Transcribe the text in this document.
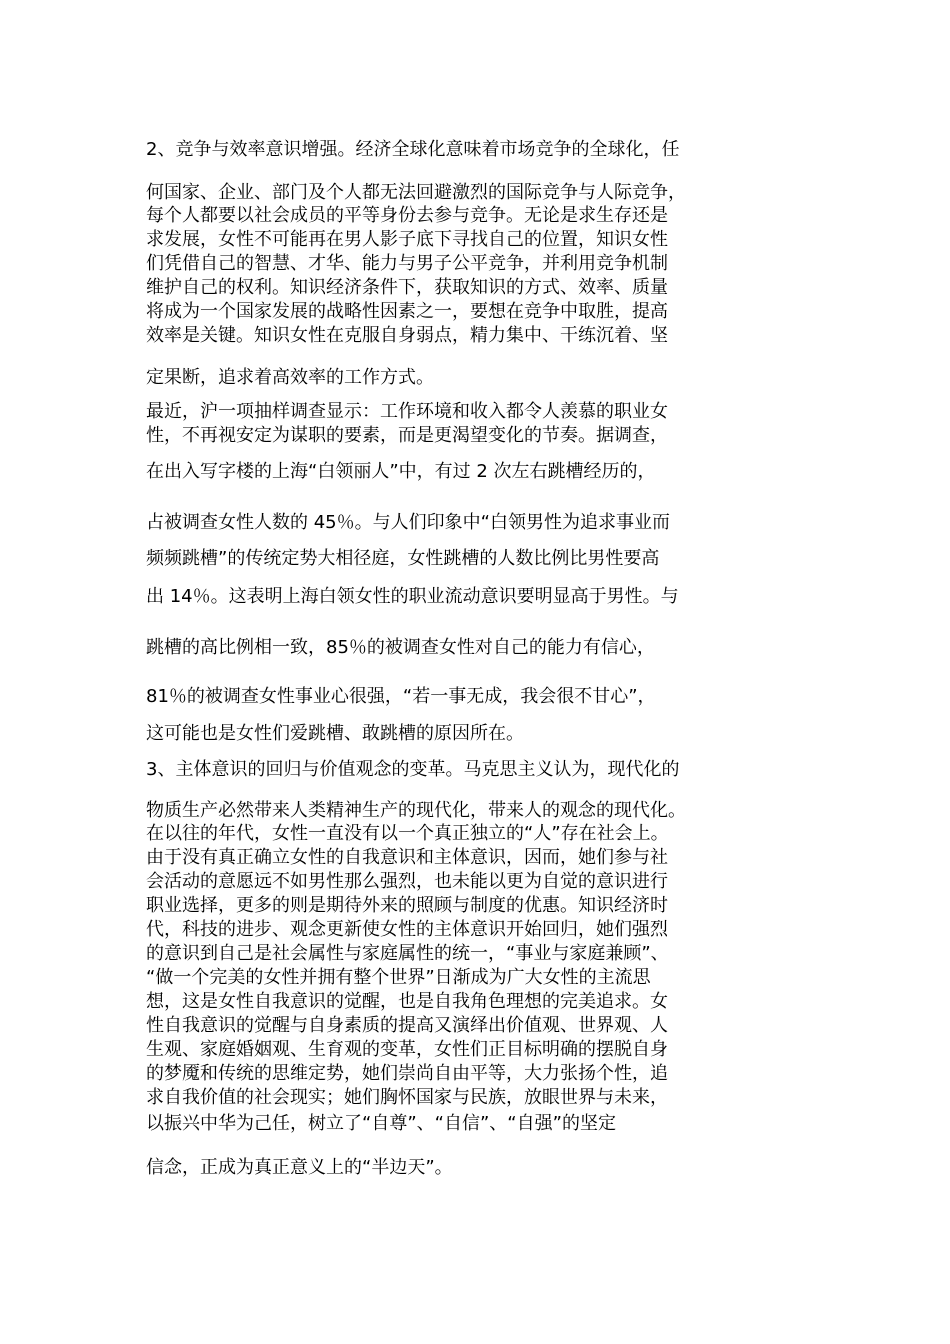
2、竞争与效率意识增强。经济全球化意味着市场竞争的全球化，任
何国家、企业、部门及个人都无法回避激烈的国际竞争与人际竞争，
每个人都要以社会成员的平等身份去参与竞争。无论是求生存还是
求发展，女性不可能再在男人影子底下寻找自己的位置，知识女性
们凭借自己的智慧、才华、能力与男子公平竞争，并利用竞争机制
维护自己的权利。知识经济条件下，获取知识的方式、效率、质量
将成为一个国家发展的战略性因素之一，要想在竞争中取胜，提高
效率是关键。知识女性在克服自身弱点，精力集中、干练沉着、坚
定果断，追求着高效率的工作方式。
最近，沪一项抽样调查显示：工作环境和收入都令人羡慕的职业女
性，不再视安定为谋职的要素，而是更渴望变化的节奏。据调查，
在出入写字楼的上海“白领丽人”中，有过 2 次左右跳槽经历的，
占被调查女性人数的 45％。与人们印象中“白领男性为追求事业而
频频跳槽”的传统定势大相径庭，女性跳槽的人数比例比男性要高
出 14％。这表明上海白领女性的职业流动意识要明显高于男性。与
跳槽的高比例相一致，85％的被调查女性对自己的能力有信心，
81％的被调查女性事业心很强，“若一事无成，我会很不甘心”，
这可能也是女性们爱跳槽、敢跳槽的原因所在。
3、主体意识的回归与价值观念的变革。马克思主义认为，现代化的
物质生产必然带来人类精神生产的现代化，带来人的观念的现代化。
在以往的年代，女性一直没有以一个真正独立的“人”存在社会上。
由于没有真正确立女性的自我意识和主体意识，因而，她们参与社
会活动的意愿远不如男性那么强烈，也未能以更为自觉的意识进行
职业选择，更多的则是期待外来的照顾与制度的优惠。知识经济时
代，科技的进步、观念更新使女性的主体意识开始回归，她们强烈
的意识到自己是社会属性与家庭属性的统一，“事业与家庭兼顾”、
“做一个完美的女性并拥有整个世界”日渐成为广大女性的主流思
想，这是女性自我意识的觉醒，也是自我角色理想的完美追求。女
性自我意识的觉醒与自身素质的提高又演绎出价值观、世界观、人
生观、家庭婚姻观、生育观的变革，女性们正目标明确的摆脱自身
的梦魇和传统的思维定势，她们崇尚自由平等，大力张扬个性，追
求自我价值的社会现实；她们胸怀国家与民族，放眼世界与未来，
以振兴中华为己任，树立了“自尊”、“自信”、“自强”的坚定
信念，正成为真正意义上的“半边天”。
